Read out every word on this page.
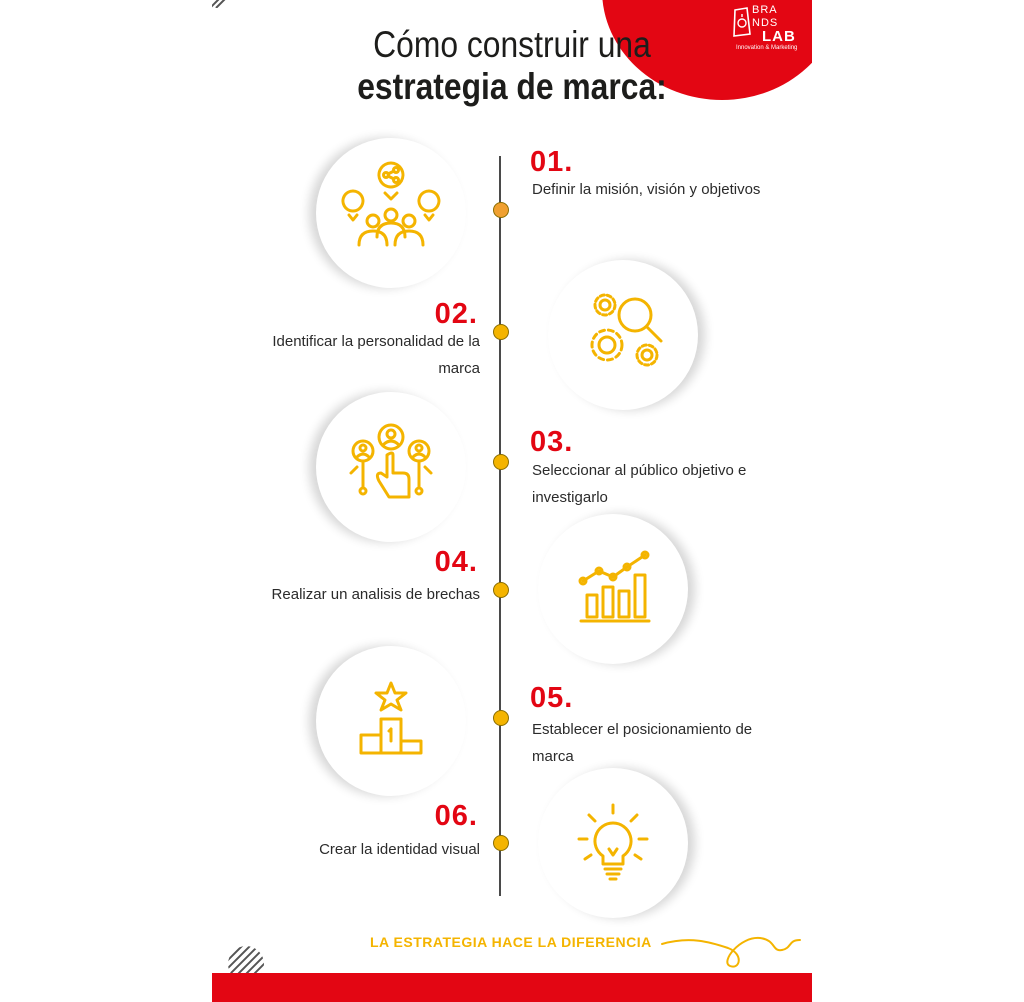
BRA
NDS
LAB
Innovation & Marketing
Cómo construir una
estrategia de marca:
01.
Definir la misión, visión y objetivos
02.
Identificar la personalidad de la marca
03.
Seleccionar al público objetivo e investigarlo
04.
Realizar un analisis de brechas
05.
Establecer el posicionamiento de marca
06.
Crear la identidad visual
LA ESTRATEGIA HACE LA DIFERENCIA
